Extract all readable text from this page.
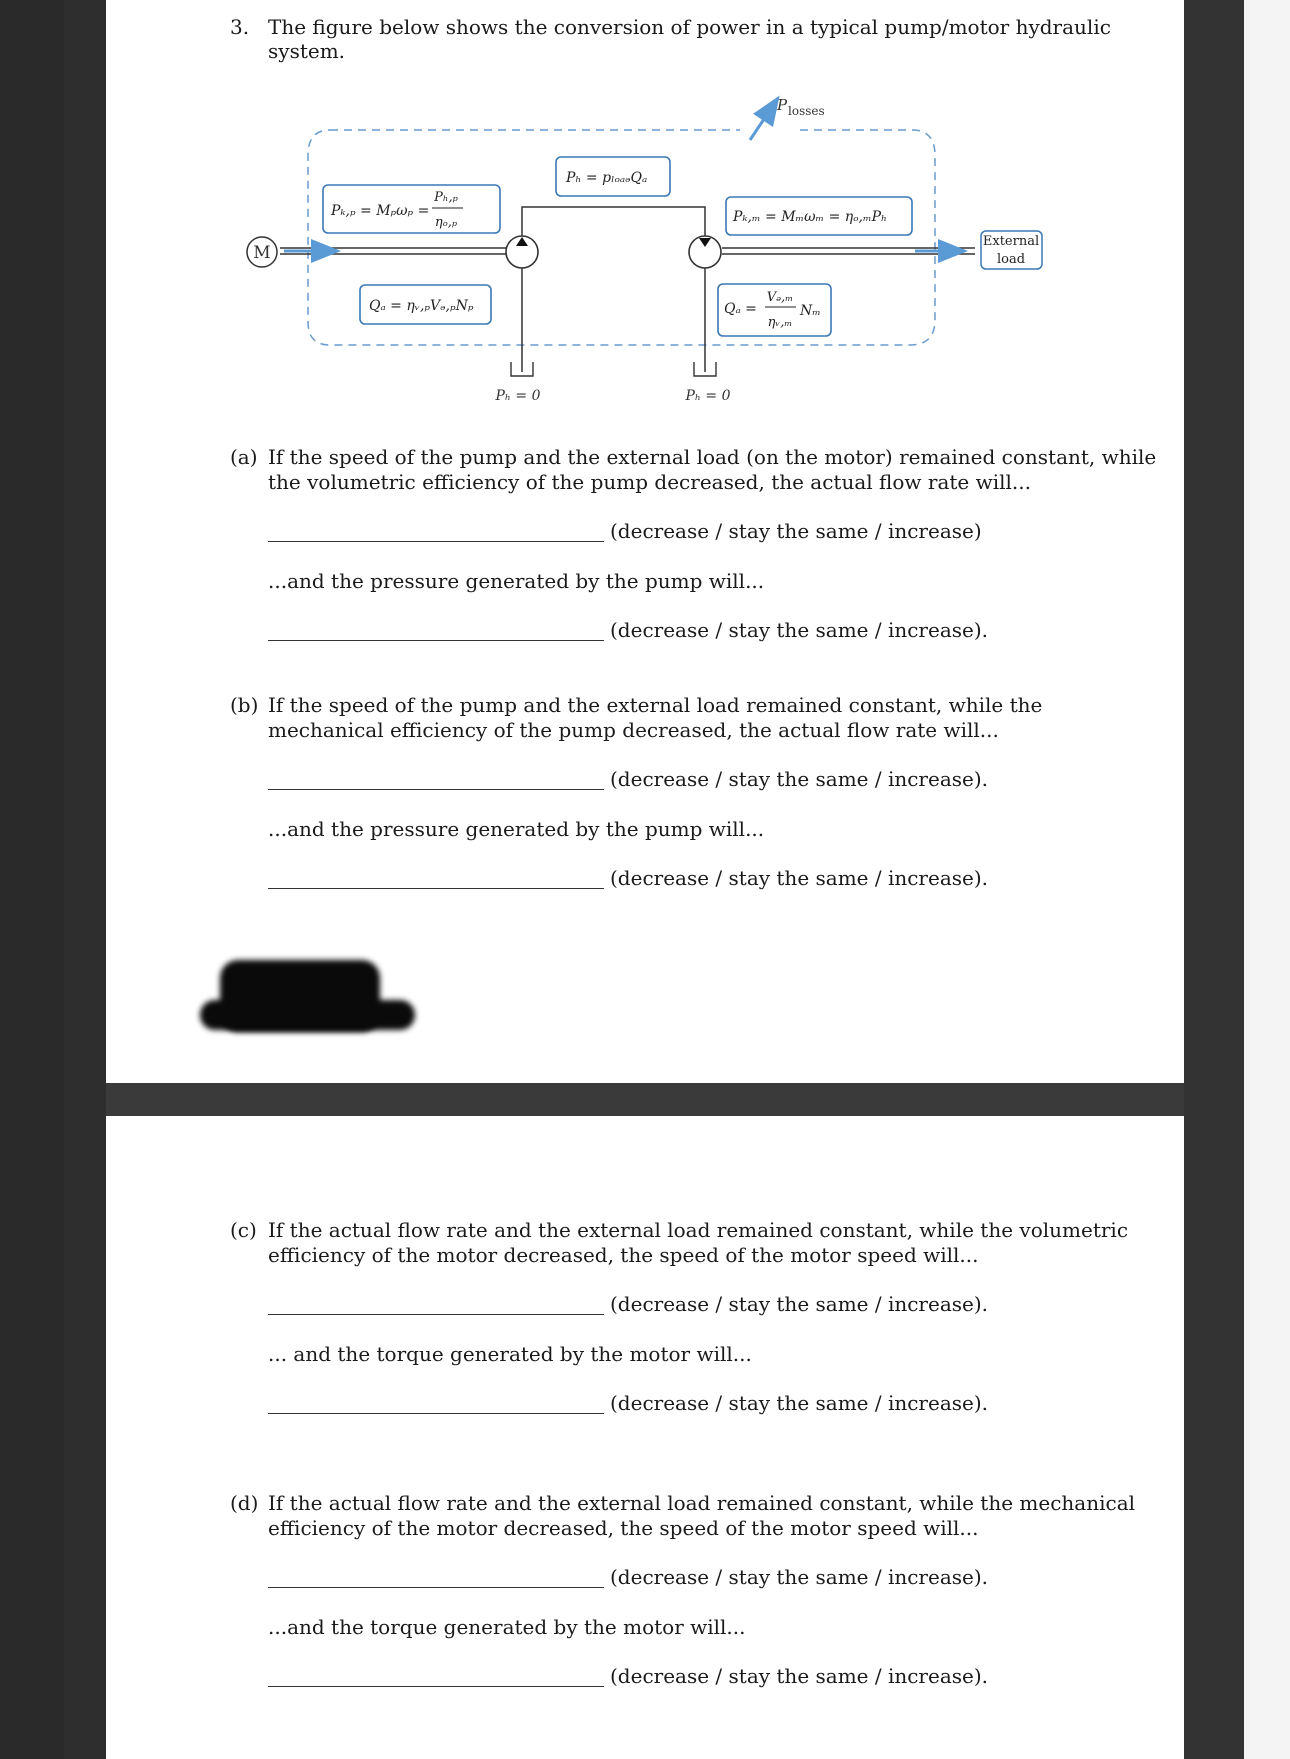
3. The figure below shows the conversion of power in a typical pump/motor hydraulic
system.
P losses
M
Pₕ = 0	Pₕ = 0
Pₖ,ₚ = Mₚωₚ =
Pₕ,ₚ
ηₒ,ₚ
Pₕ = pₗₒₐₔQₐ
Pₖ,ₘ = Mₘωₘ = ηₒ,ₘPₕ
Qₐ = ηᵥ,ₚVₔ,ₚNₚ	Qₐ =
Vₔ,ₘ
ηᵥ,ₘ
Nₘ
External
load
(a) If the speed of the pump and the external load (on the motor) remained constant, while
the volumetric efficiency of the pump decreased, the actual flow rate will...
(decrease / stay the same / increase)
...and the pressure generated by the pump will...
(decrease / stay the same / increase).
(b) If the speed of the pump and the external load remained constant, while the
mechanical efficiency of the pump decreased, the actual flow rate will...
(decrease / stay the same / increase).
...and the pressure generated by the pump will...
(decrease / stay the same / increase).
(c) If the actual flow rate and the external load remained constant, while the volumetric
efficiency of the motor decreased, the speed of the motor speed will...
(decrease / stay the same / increase).
... and the torque generated by the motor will...
(decrease / stay the same / increase).
(d) If the actual flow rate and the external load remained constant, while the mechanical
efficiency of the motor decreased, the speed of the motor speed will...
(decrease / stay the same / increase).
...and the torque generated by the motor will...
(decrease / stay the same / increase).
